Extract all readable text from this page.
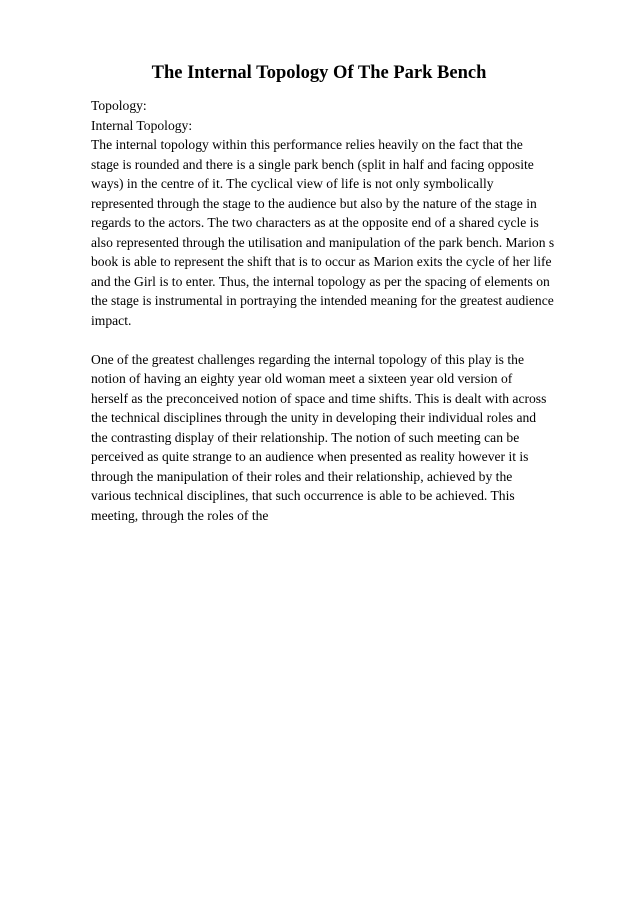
The Internal Topology Of The Park Bench
Topology:
Internal Topology:
The internal topology within this performance relies heavily on the fact that the
stage is rounded and there is a single park bench (split in half and facing opposite
ways) in the centre of it. The cyclical view of life is not only symbolically
represented through the stage to the audience but also by the nature of the stage in
regards to the actors. The two characters as at the opposite end of a shared cycle is
also represented through the utilisation and manipulation of the park bench. Marion s
book is able to represent the shift that is to occur as Marion exits the cycle of her life
and the Girl is to enter. Thus, the internal topology as per the spacing of elements on
the stage is instrumental in portraying the intended meaning for the greatest audience
impact.
One of the greatest challenges regarding the internal topology of this play is the
notion of having an eighty year old woman meet a sixteen year old version of
herself as the preconceived notion of space and time shifts. This is dealt with across
the technical disciplines through the unity in developing their individual roles and
the contrasting display of their relationship. The notion of such meeting can be
perceived as quite strange to an audience when presented as reality however it is
through the manipulation of their roles and their relationship, achieved by the
various technical disciplines, that such occurrence is able to be achieved. This
meeting, through the roles of the
